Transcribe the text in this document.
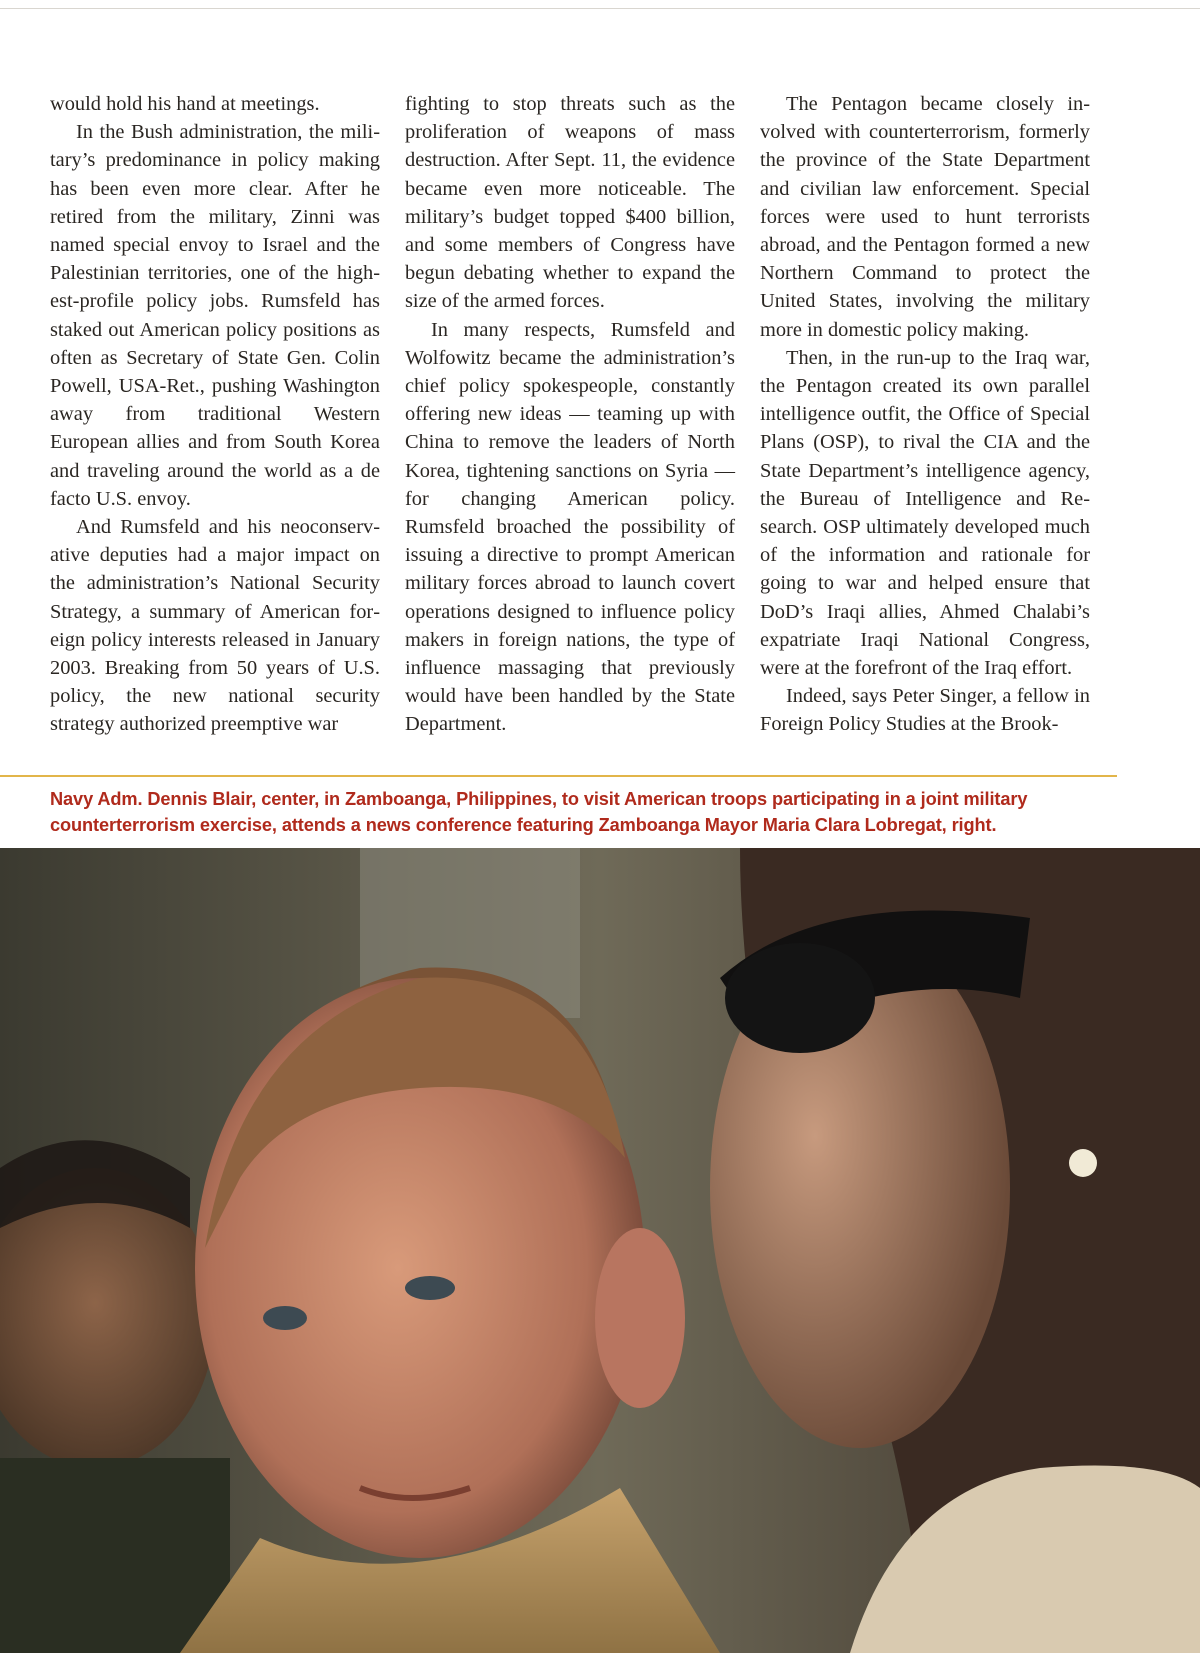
would hold his hand at meetings.

In the Bush administration, the military’s predominance in policy making has been even more clear. After he retired from the military, Zinni was named special envoy to Israel and the Palestinian territories, one of the highest-profile policy jobs. Rumsfeld has staked out American policy positions as often as Secretary of State Gen. Colin Powell, USA-Ret., pushing Washington away from traditional Western European allies and from South Korea and traveling around the world as a de facto U.S. envoy.

And Rumsfeld and his neoconservative deputies had a major impact on the administration’s National Security Strategy, a summary of American foreign policy interests released in January 2003. Breaking from 50 years of U.S. policy, the new national security strategy authorized preemptive war

fighting to stop threats such as the proliferation of weapons of mass destruction. After Sept. 11, the evidence became even more noticeable. The military’s budget topped $400 billion, and some members of Congress have begun debating whether to expand the size of the armed forces.

In many respects, Rumsfeld and Wolfowitz became the administration’s chief policy spokespeople, constantly offering new ideas — teaming up with China to remove the leaders of North Korea, tightening sanctions on Syria — for changing American policy. Rumsfeld broached the possibility of issuing a directive to prompt American military forces abroad to launch covert operations designed to influence policy makers in foreign nations, the type of influence massaging that previously would have been handled by the State Department.

The Pentagon became closely involved with counterterrorism, formerly the province of the State Department and civilian law enforcement. Special forces were used to hunt terrorists abroad, and the Pentagon formed a new Northern Command to protect the United States, involving the military more in domestic policy making.

Then, in the run-up to the Iraq war, the Pentagon created its own parallel intelligence outfit, the Office of Special Plans (OSP), to rival the CIA and the State Department’s intelligence agency, the Bureau of Intelligence and Research. OSP ultimately developed much of the information and rationale for going to war and helped ensure that DoD’s Iraqi allies, Ahmed Chalabi’s expatriate Iraqi National Congress, were at the forefront of the Iraq effort.

Indeed, says Peter Singer, a fellow in Foreign Policy Studies at the Brook-

Navy Adm. Dennis Blair, center, in Zamboanga, Philippines, to visit American troops participating in a joint military counterterrorism exercise, attends a news conference featuring Zamboanga Mayor Maria Clara Lobregat, right.
